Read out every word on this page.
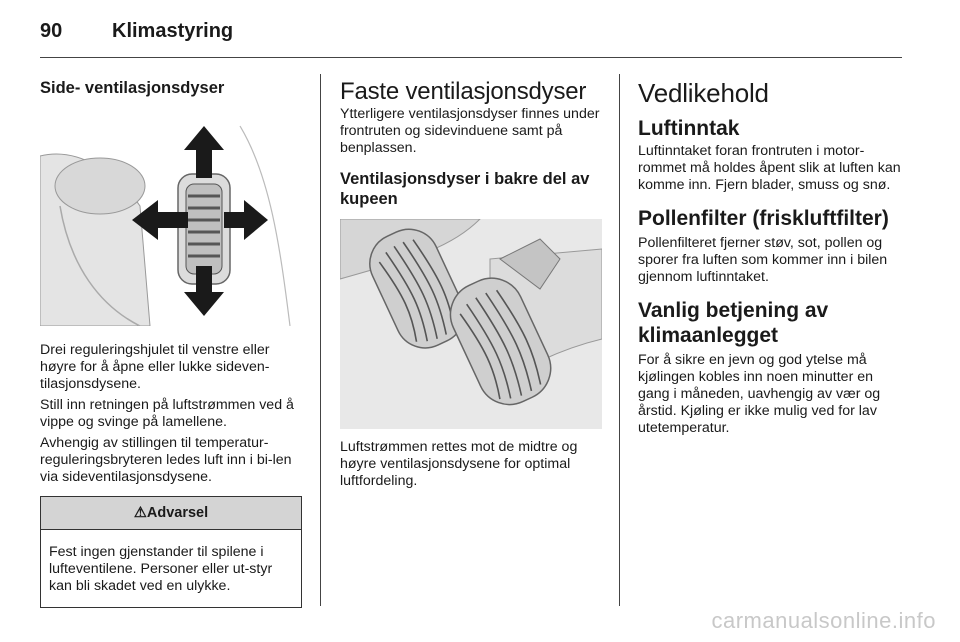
90 Klimastyring
Side- ventilasjonsdyser

Drei reguleringshjulet til venstre eller høyre for å åpne eller lukke sideven-tilasjonsdysene.

Still inn retningen på luftstrømmen ved å vippe og svinge på lamellene.

Avhengig av stillingen til temperatur-reguleringsbryteren ledes luft inn i bi-len via sideventilasjonsdysene.

⚠Advarsel

Fest ingen gjenstander til spilene i lufteventilene. Personer eller ut-styr kan bli skadet ved en ulykke.

Faste ventilasjonsdyser

Ytterligere ventilasjonsdyser finnes under frontruten og sidevinduene samt på benplassen.

Ventilasjonsdyser i bakre del av kupeen

Luftstrømmen rettes mot de midtre og høyre ventilasjonsdysene for optimal luftfordeling.

Vedlikehold
Luftinntak

Luftinntaket foran frontruten i motor-rommet må holdes åpent slik at luften kan komme inn. Fjern blader, smuss og snø.

Pollenfilter (friskluftfilter)

Pollenfilteret fjerner støv, sot, pollen og sporer fra luften som kommer inn i bilen gjennom luftinntaket.

Vanlig betjening av klimaanlegget

For å sikre en jevn og god ytelse må kjølingen kobles inn noen minutter en gang i måneden, uavhengig av vær og årstid. Kjøling er ikke mulig ved for lav utetemperatur.

carmanualsonline.info
